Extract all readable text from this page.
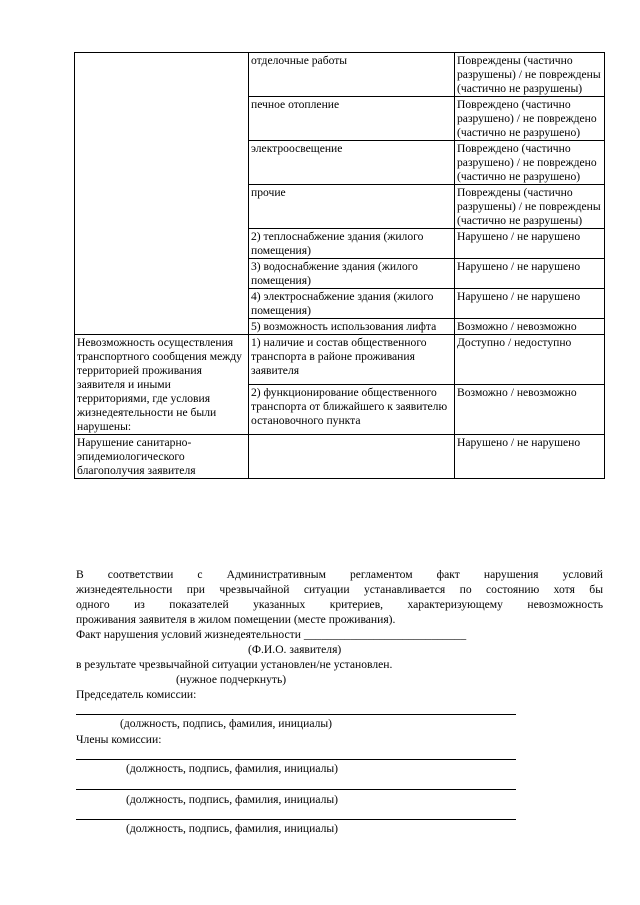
	отделочные работы	Повреждены (частично разрушены) / не повреждены (частично не разрушены)
	печное отопление	Повреждено (частично разрушено) / не повреждено (частично не разрушено)
	электроосвещение	Повреждено (частично разрушено) / не повреждено (частично не разрушено)
	прочие	Повреждены (частично разрушены) / не повреждены (частично не разрушены)
	2) теплоснабжение здания (жилого помещения)	Нарушено / не нарушено
	3) водоснабжение здания (жилого помещения)	Нарушено / не нарушено
	4) электроснабжение здания (жилого помещения)	Нарушено / не нарушено
	5) возможность использования лифта	Возможно / невозможно
Невозможность осуществления транспортного сообщения между территорией проживания заявителя и иными территориями, где условия жизнедеятельности не были нарушены:	1) наличие и состав общественного транспорта в районе проживания заявителя	Доступно / недоступно
	2) функционирование общественного транспорта от ближайшего к заявителю остановочного пункта	Возможно / невозможно
Нарушение санитарно-эпидемиологического благополучия заявителя		Нарушено / не нарушено
В соответствии с Административным регламентом факт нарушения условий
жизнедеятельности при чрезвычайной ситуации устанавливается по состоянию хотя бы
одного из показателей указанных критериев, характеризующему невозможность
проживания заявителя в жилом помещении (месте проживания).
Факт нарушения условий жизнедеятельности ____________________________
(Ф.И.О. заявителя)
в результате чрезвычайной ситуации установлен/не установлен.
(нужное подчеркнуть)
Председатель комиссии:
(должность, подпись, фамилия, инициалы)
Члены комиссии:
(должность, подпись, фамилия, инициалы)
(должность, подпись, фамилия, инициалы)
(должность, подпись, фамилия, инициалы)
